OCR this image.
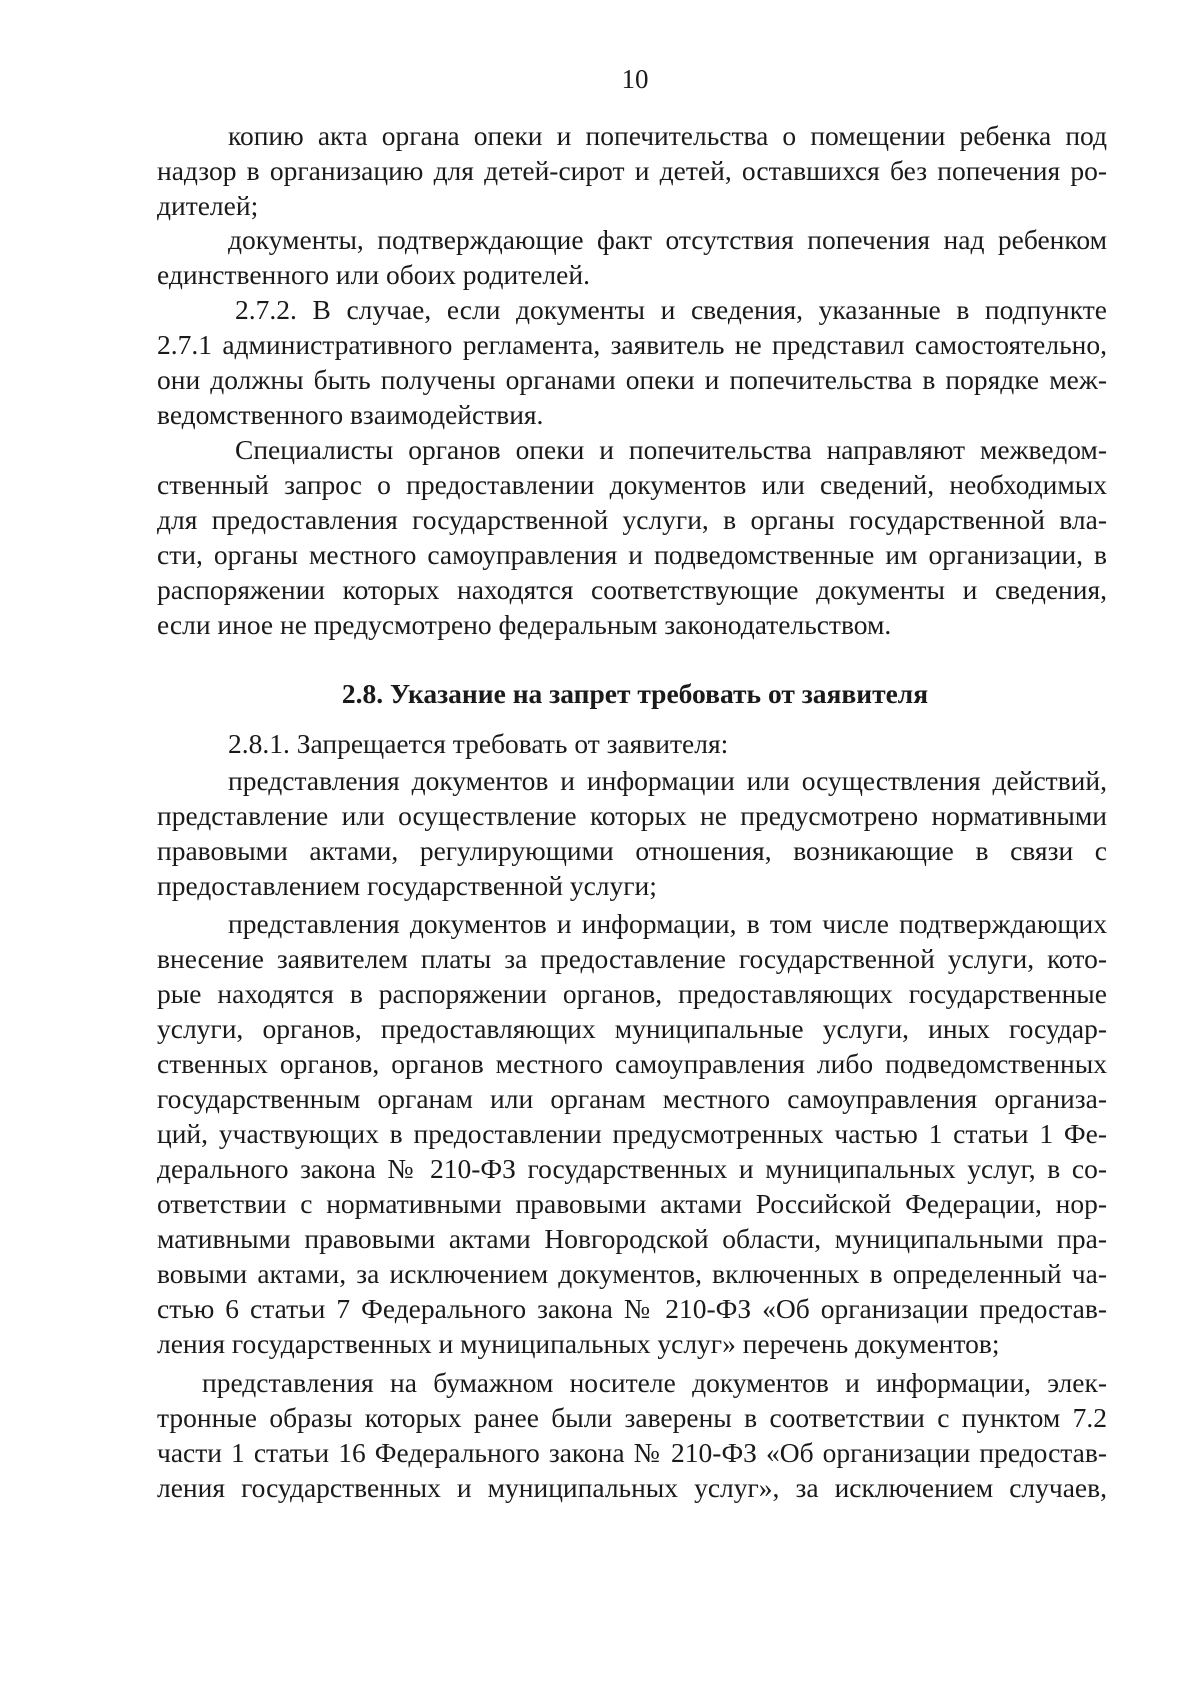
10
копию акта органа опеки и попечительства о помещении ребенка под
надзор в организацию для детей-сирот и детей, оставшихся без попечения ро-
дителей;
документы, подтверждающие факт отсутствия попечения над ребенком
единственного или обоих родителей.
2.7.2. В случае, если документы и сведения, указанные в подпункте
2.7.1 административного регламента, заявитель не представил самостоятельно,
они должны быть получены органами опеки и попечительства в порядке меж-
ведомственного взаимодействия.
Специалисты органов опеки и попечительства направляют межведом-
ственный запрос о предоставлении документов или сведений, необходимых
для предоставления государственной услуги, в органы государственной вла-
сти, органы местного самоуправления и подведомственные им организации, в
распоряжении которых находятся соответствующие документы и сведения,
если иное не предусмотрено федеральным законодательством.
2.8. Указание на запрет требовать от заявителя
2.8.1. Запрещается требовать от заявителя:
представления документов и информации или осуществления действий,
представление или осуществление которых не предусмотрено нормативными
правовыми актами, регулирующими отношения, возникающие в связи с
предоставлением государственной услуги;
представления документов и информации, в том числе подтверждающих
внесение заявителем платы за предоставление государственной услуги, кото-
рые находятся в распоряжении органов, предоставляющих государственные
услуги, органов, предоставляющих муниципальные услуги, иных государ-
ственных органов, органов местного самоуправления либо подведомственных
государственным органам или органам местного самоуправления организа-
ций, участвующих в предоставлении предусмотренных частью 1 статьи 1 Фе-
дерального закона № 210-ФЗ государственных и муниципальных услуг, в со-
ответствии с нормативными правовыми актами Российской Федерации, нор-
мативными правовыми актами Новгородской области, муниципальными пра-
вовыми актами, за исключением документов, включенных в определенный ча-
стью 6 статьи 7 Федерального закона № 210-ФЗ «Об организации предостав-
ления государственных и муниципальных услуг» перечень документов;
представления на бумажном носителе документов и информации, элек-
тронные образы которых ранее были заверены в соответствии с пунктом 7.2
части 1 статьи 16 Федерального закона № 210-ФЗ «Об организации предостав-
ления государственных и муниципальных услуг», за исключением случаев,
